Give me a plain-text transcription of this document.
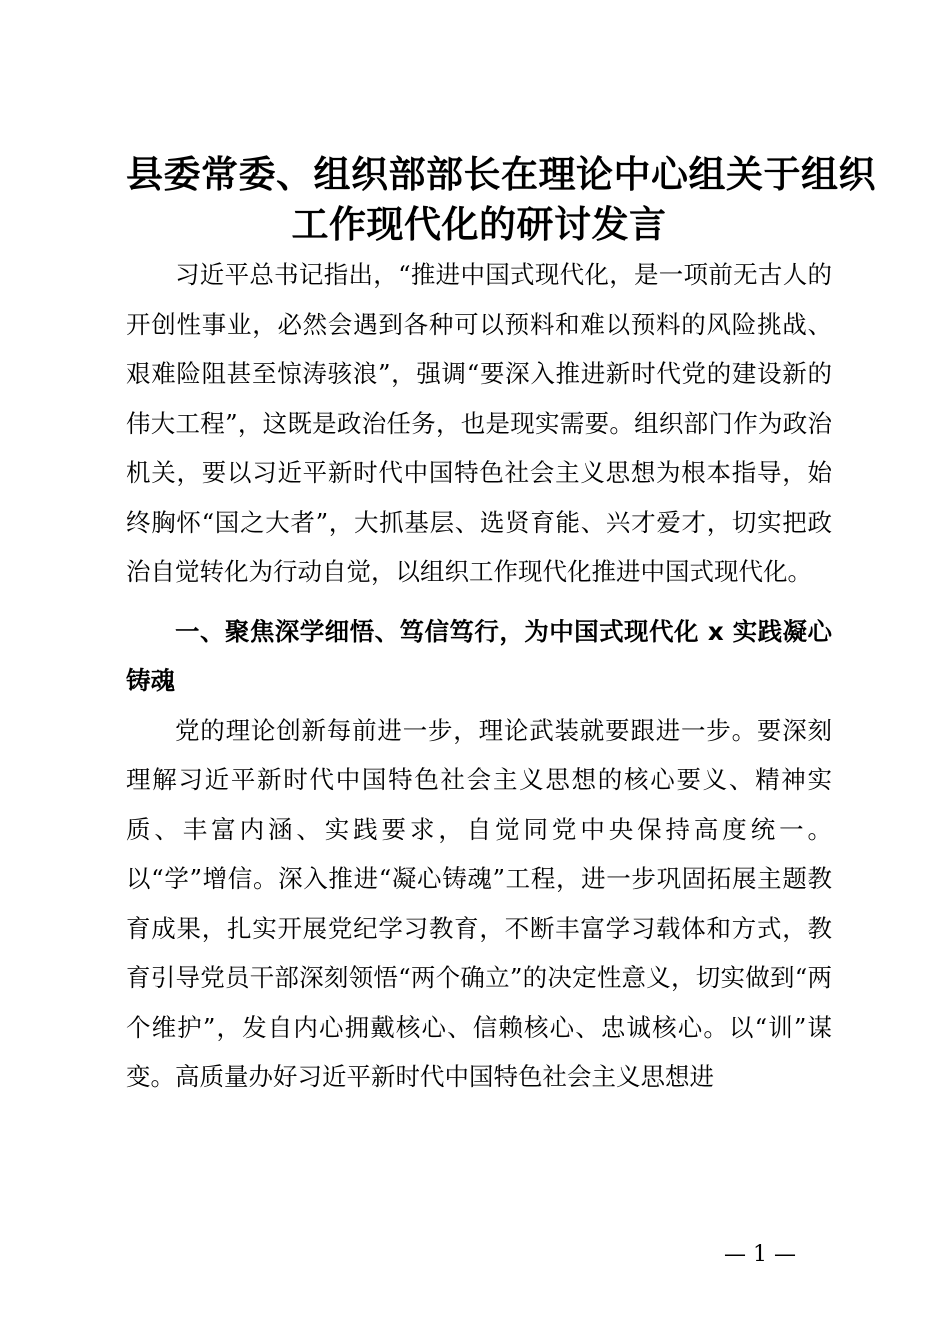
县委常委、组织部部长在理论中心组关于组织
工作现代化的研讨发言

习近平总书记指出，“推进中国式现代化，是一项前无古人的开创性事业，必然会遇到各种可以预料和难以预料的风险挑战、艰难险阻甚至惊涛骇浪”，强调“要深入推进新时代党的建设新的伟大工程”，这既是政治任务，也是现实需要。组织部门作为政治机关，要以习近平新时代中国特色社会主义思想为根本指导，始终胸怀“国之大者”，大抓基层、选贤育能、兴才爱才，切实把政治自觉转化为行动自觉，以组织工作现代化推进中国式现代化。

一、聚焦深学细悟、笃信笃行，为中国式现代化 x 实践凝心铸魂

党的理论创新每前进一步，理论武装就要跟进一步。要深刻理解习近平新时代中国特色社会主义思想的核心要义、精神实质、丰富内涵、实践要求，自觉同党中央保持高度统一。以“学”增信。深入推进“凝心铸魂”工程，进一步巩固拓展主题教育成果，扎实开展党纪学习教育，不断丰富学习载体和方式，教育引导党员干部深刻领悟“两个确立”的决定性意义，切实做到“两个维护”，发自内心拥戴核心、信赖核心、忠诚核心。以“训”谋变。高质量办好习近平新时代中国特色社会主义思想进

— 1 —
